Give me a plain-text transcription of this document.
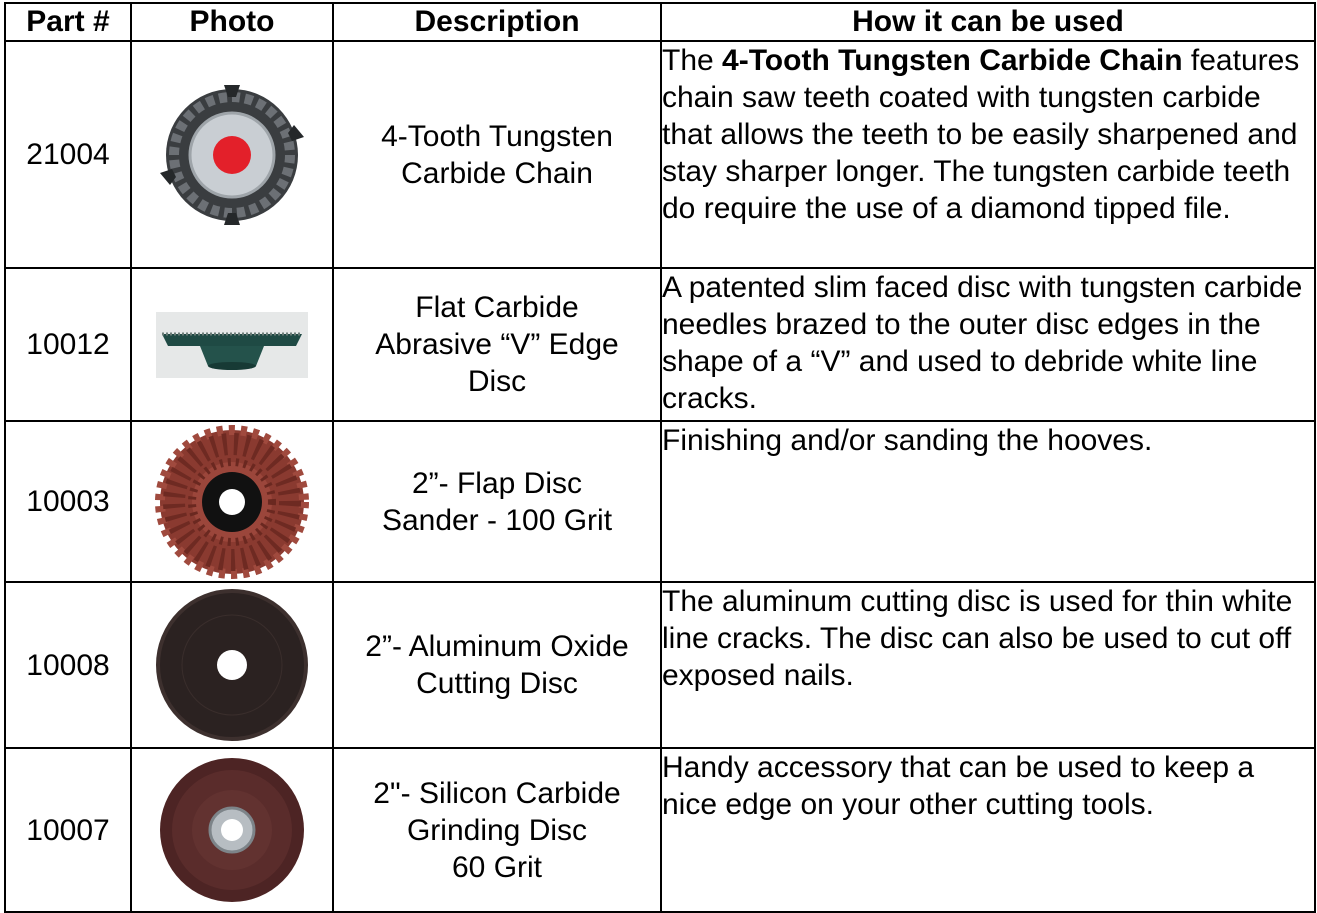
Part #	Photo	Description	How it can be used
21004		4-Tooth Tungsten
Carbide Chain	The 4-Tooth Tungsten Carbide Chain features chain saw teeth coated with tungsten carbide that allows the teeth to be easily sharpened and stay sharper longer. The tungsten carbide teeth do require the use of a diamond tipped file.
10012		Flat Carbide
Abrasive “V” Edge
Disc	A patented slim faced disc with tungsten carbide needles brazed to the outer disc edges in the shape of a “V” and used to debride white line cracks.
10003		2”- Flap Disc
Sander - 100 Grit	Finishing and/or sanding the hooves.
10008		2”- Aluminum Oxide
Cutting Disc	The aluminum cutting disc is used for thin white line cracks. The disc can also be used to cut off exposed nails.
10007		2"- Silicon Carbide
Grinding Disc
60 Grit	Handy accessory that can be used to keep a nice edge on your other cutting tools.
